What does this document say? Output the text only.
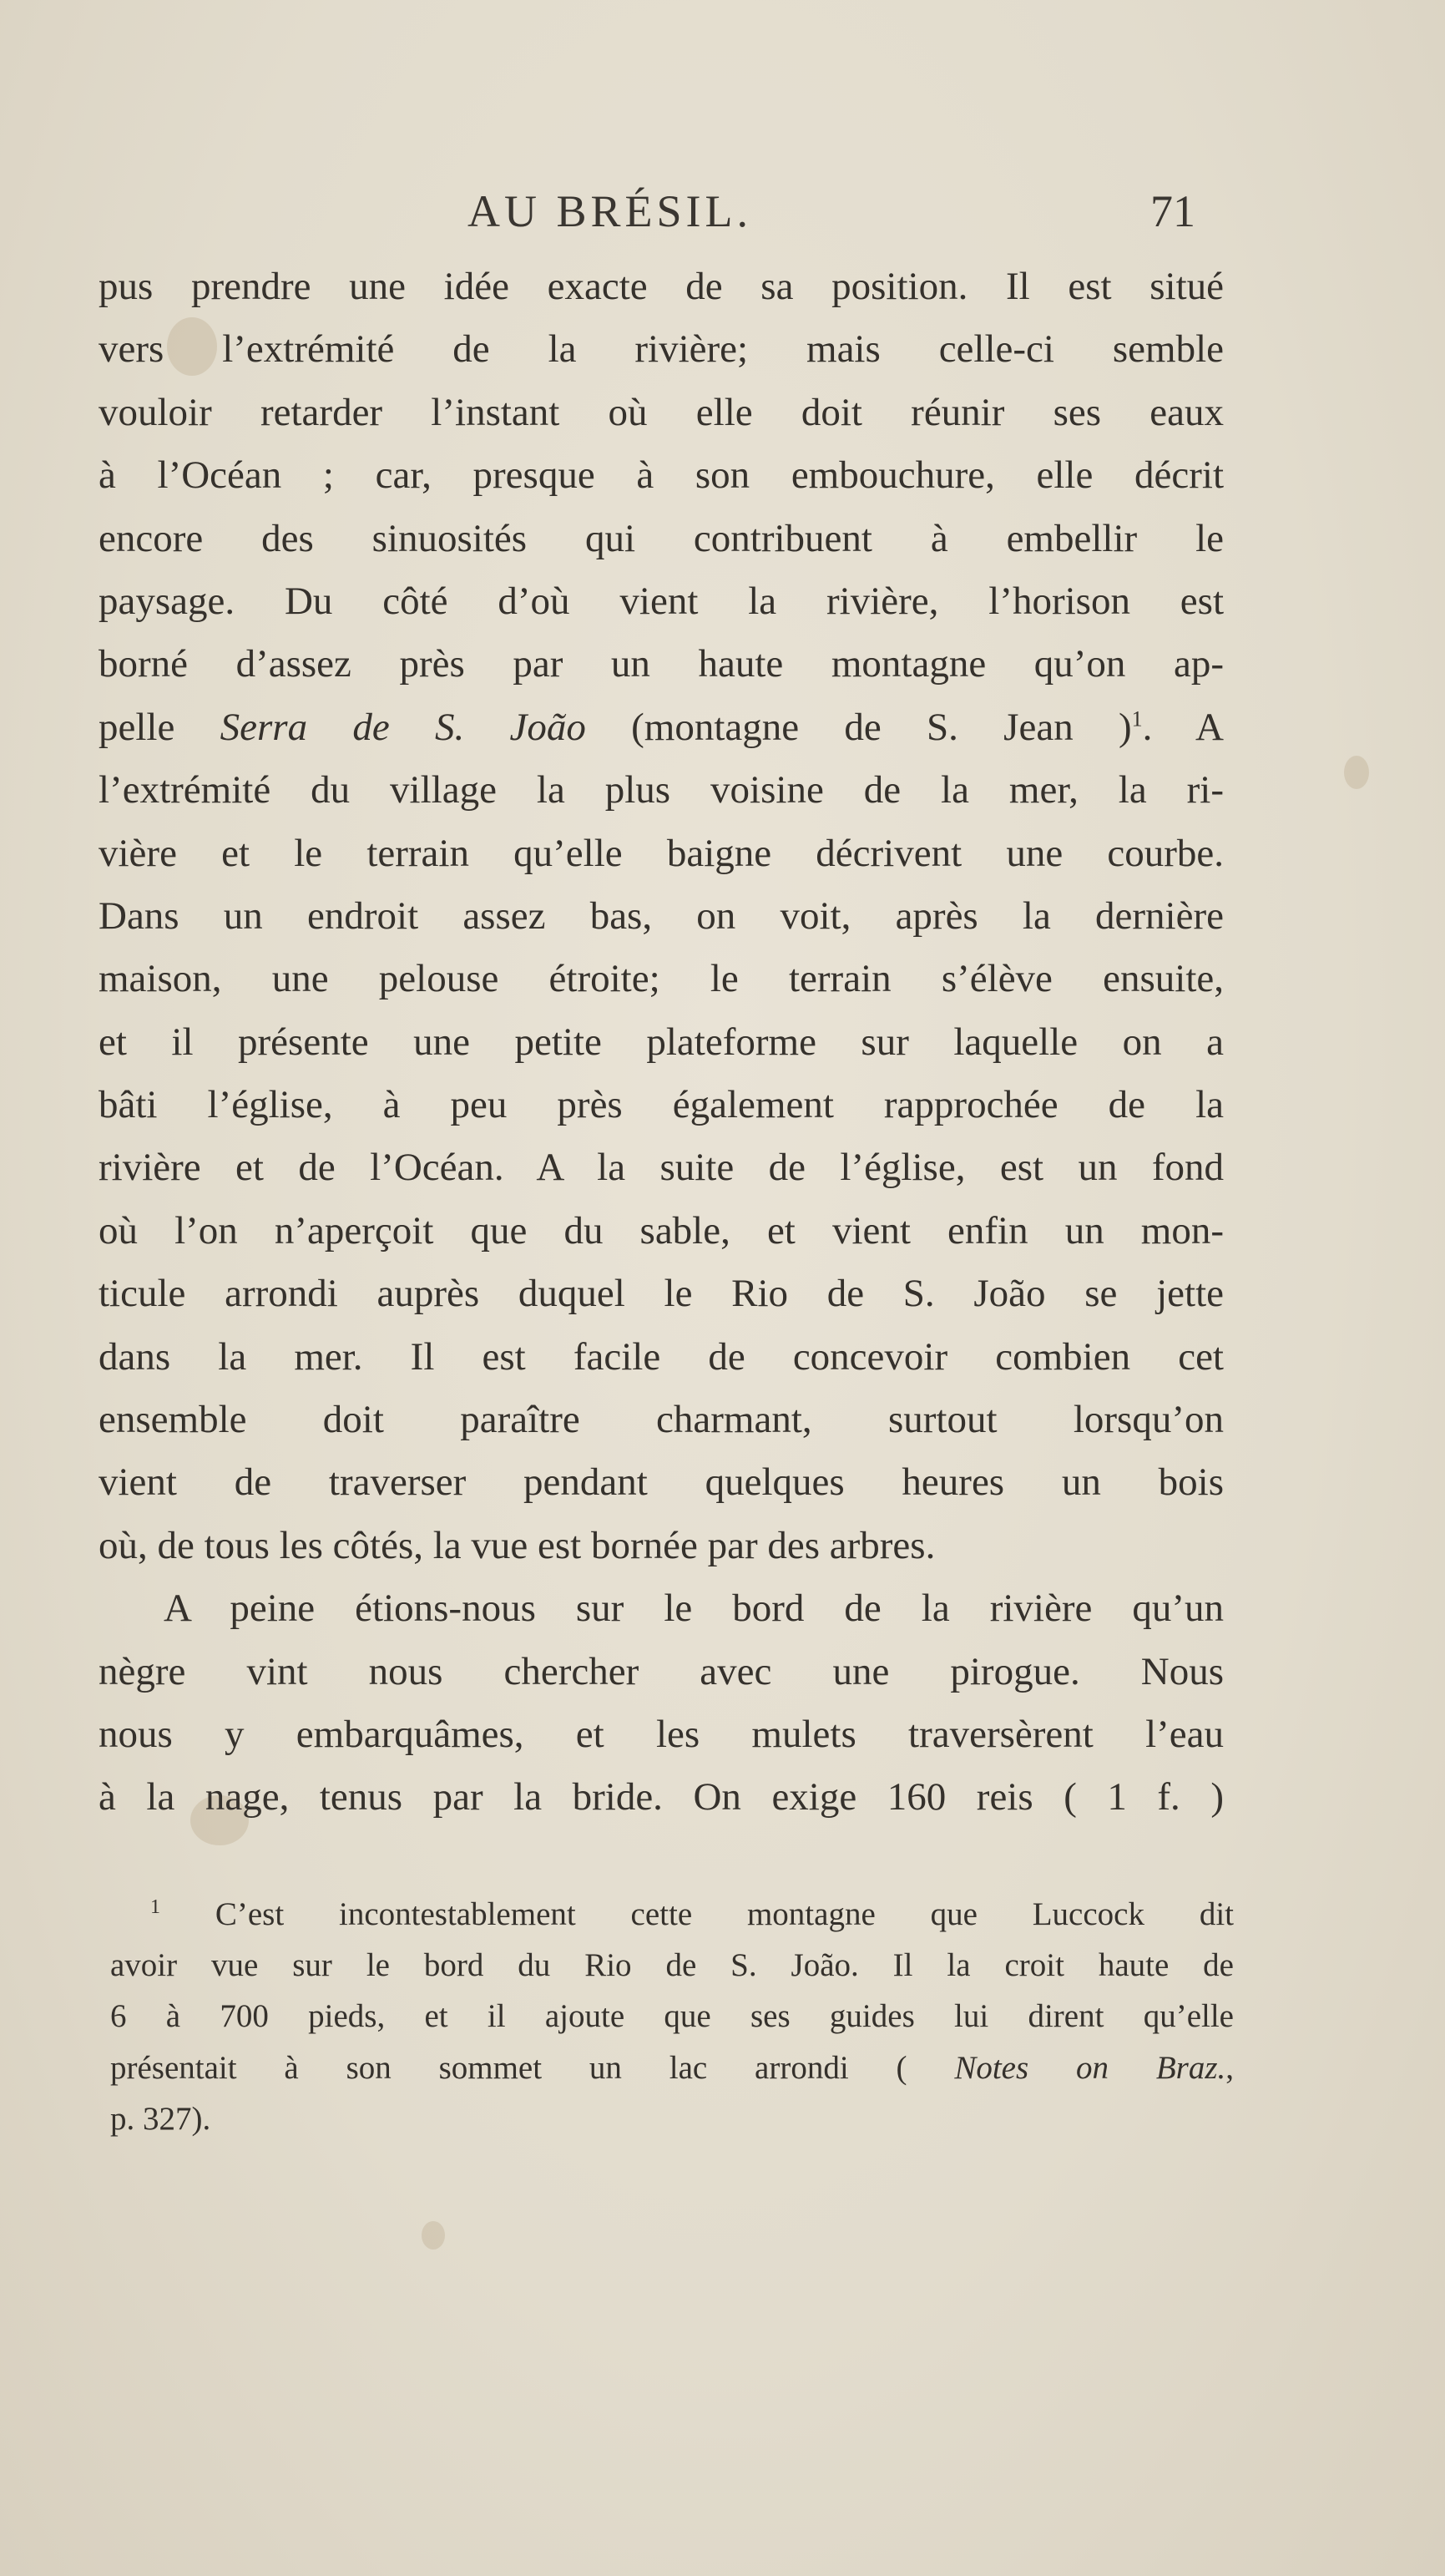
AU BRÉSIL.	71
pus prendre une idée exacte de sa position. Il est situé
vers l’extrémité de la rivière; mais celle-ci semble
vouloir retarder l’instant où elle doit réunir ses eaux
à l’Océan ; car, presque à son embouchure, elle décrit
encore des sinuosités qui contribuent à embellir le
paysage. Du côté d’où vient la rivière, l’horison est
borné d’assez près par un haute montagne qu’on ap-
pelle Serra de S. João (montagne de S. Jean )$^1$. A
l’extrémité du village la plus voisine de la mer, la ri-
vière et le terrain qu’elle baigne décrivent une courbe.
Dans un endroit assez bas, on voit, après la dernière
maison, une pelouse étroite; le terrain s’élève ensuite,
et il présente une petite plateforme sur laquelle on a
bâti l’église, à peu près également rapprochée de la
rivière et de l’Océan. A la suite de l’église, est un fond
où l’on n’aperçoit que du sable, et vient enfin un mon-
ticule arrondi auprès duquel le Rio de S. João se jette
dans la mer. Il est facile de concevoir combien cet
ensemble doit paraître charmant, surtout lorsqu’on
vient de traverser pendant quelques heures un bois
où, de tous les côtés, la vue est bornée par des arbres.
A peine étions-nous sur le bord de la rivière qu’un
nègre vint nous chercher avec une pirogue. Nous
nous y embarquâmes, et les mulets traversèrent l’eau
à la nage, tenus par la bride. On exige 160 reis ( 1 f. )
$^1$ C’est incontestablement cette montagne que Luccock dit
avoir vue sur le bord du Rio de S. João. Il la croit haute de
6 à 700 pieds, et il ajoute que ses guides lui dirent qu’elle
présentait à son sommet un lac arrondi ( Notes on Braz.,
p. 327).
